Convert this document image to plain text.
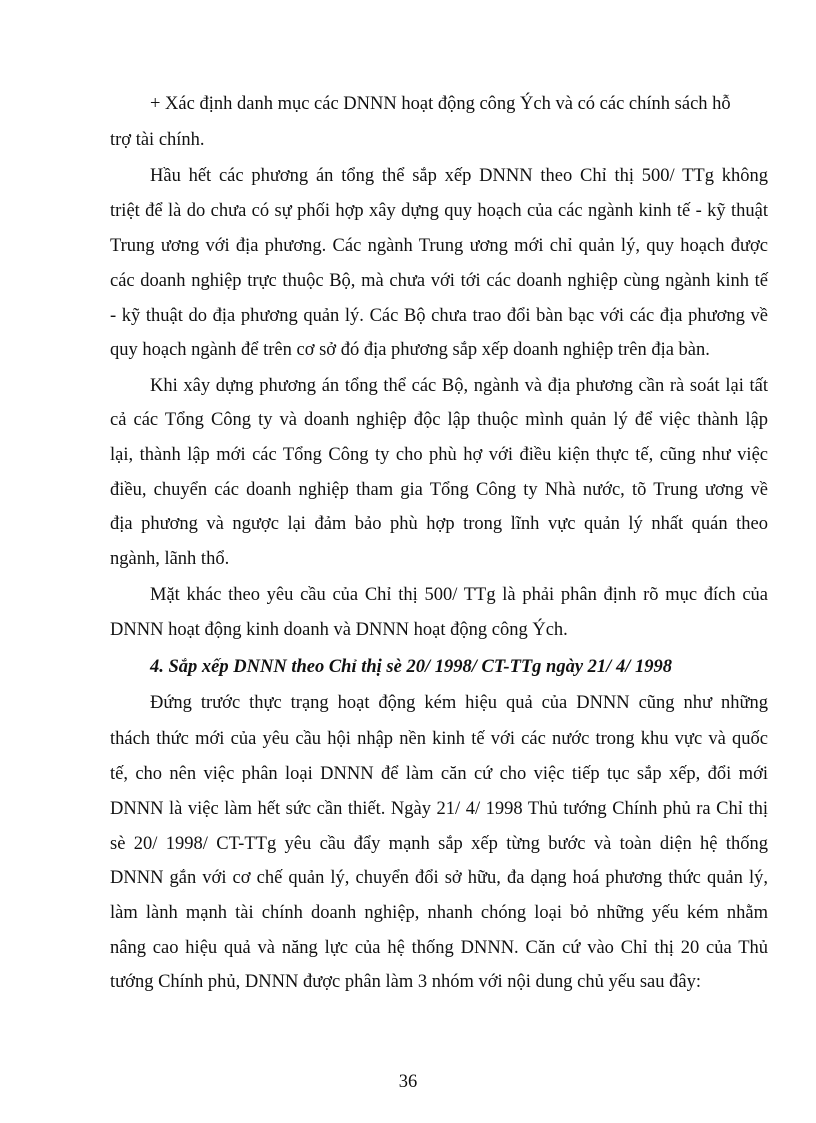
+ Xác định danh mục các DNNN hoạt động công Ých và có các chính sách hỗ
trợ tài chính.
Hầu hết các phương án tổng thể sắp xếp DNNN theo Chỉ thị 500/ TTg không
triệt để là do chưa có sự phối hợp xây dựng quy hoạch của các ngành kinh tế - kỹ thuật
Trung ương với địa phương. Các ngành Trung ương mới chỉ quản lý, quy hoạch được
các doanh nghiệp trực thuộc Bộ, mà chưa với tới các doanh nghiệp cùng ngành kinh tế
- kỹ thuật do địa phương quản lý. Các Bộ chưa trao đổi bàn bạc với các địa phương về
quy hoạch ngành để trên cơ sở đó địa phương sắp xếp doanh nghiệp trên địa bàn.
Khi xây dựng phương án tổng thể các Bộ, ngành và địa phương cần rà soát lại tất
cả các Tổng Công ty và doanh nghiệp độc lập thuộc mình quản lý để việc thành lập
lại, thành lập mới các Tổng Công ty cho phù hợ với điều kiện thực tế, cũng như việc
điều, chuyển các doanh nghiệp tham gia Tổng Công ty Nhà nước, tõ Trung ương về
địa phương và ngược lại đảm bảo phù hợp trong lĩnh vực quản lý nhất quán theo
ngành, lãnh thổ.
Mặt khác theo yêu cầu của Chỉ thị 500/ TTg là phải phân định rõ mục đích của
DNNN hoạt động kinh doanh và DNNN hoạt động công Ých.
4. Sắp xếp DNNN theo Chỉ thị sè 20/ 1998/ CT-TTg ngày 21/ 4/ 1998
Đứng trước thực trạng hoạt động kém hiệu quả của DNNN cũng như những
thách thức mới của yêu cầu hội nhập nền kinh tế với các nước trong khu vực và quốc
tế, cho nên việc phân loại DNNN để làm căn cứ cho việc tiếp tục sắp xếp, đổi mới
DNNN là việc làm hết sức cần thiết. Ngày 21/ 4/ 1998 Thủ tướng Chính phủ ra Chỉ thị
sè 20/ 1998/ CT-TTg yêu cầu đẩy mạnh sắp xếp từng bước và toàn diện hệ thống
DNNN gắn với cơ chế quản lý, chuyển đổi sở hữu, đa dạng hoá phương thức quản lý,
làm lành mạnh tài chính doanh nghiệp, nhanh chóng loại bỏ những yếu kém nhằm
nâng cao hiệu quả và năng lực của hệ thống DNNN. Căn cứ vào Chỉ thị 20 của Thủ
tướng Chính phủ, DNNN được phân làm 3 nhóm với nội dung chủ yếu sau đây:
36
